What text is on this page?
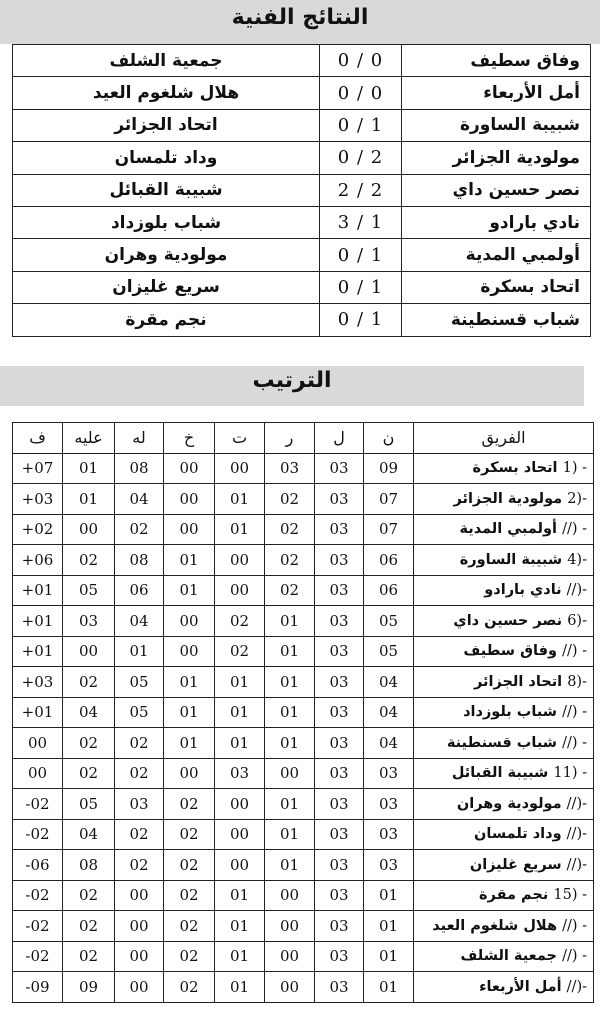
النتائج الفنية
جمعية الشلف	0 / 0	وفاق سطيف
هلال شلغوم العيد	0 / 0	أمل الأربعاء
اتحاد الجزائر	0 / 1	شبيبة الساورة
وداد تلمسان	0 / 2	مولودية الجزائر
شبيبة القبائل	2 / 2	نصر حسين داي
شباب بلوزداد	3 / 1	نادي بارادو
مولودية وهران	0 / 1	أولمبي المدية
سريع غليزان	0 / 1	اتحاد بسكرة
نجم مقرة	0 / 1	شباب قسنطينة
الترتيب
ف	عليه	له	خ	ت	ر	ل	ن	الفريق
+07	01	08	00	00	03	03	09	1) - اتحاد بسكرة
+03	01	04	00	01	02	03	07	2)- مولودية الجزائر
+02	00	02	00	01	02	03	07	//) - أولمبي المدية
+06	02	08	01	00	02	03	06	4)- شبيبة الساورة
+01	05	06	01	00	02	03	06	//)- نادي بارادو
+01	03	04	00	02	01	03	05	6)- نصر حسين داي
+01	00	01	00	02	01	03	05	//) - وفاق سطيف
+03	02	05	01	01	01	03	04	8)- اتحاد الجزائر
+01	04	05	01	01	01	03	04	//) - شباب بلوزداد
00	02	02	01	01	01	03	04	//) - شباب قسنطينة
00	02	02	00	03	00	03	03	11) - شبيبة القبائل
-02	05	03	02	00	01	03	03	//)- مولودية وهران
-02	04	02	02	00	01	03	03	//)- وداد تلمسان
-06	08	02	02	00	01	03	03	//)- سريع غليزان
-02	02	00	02	01	00	03	01	15) - نجم مقرة
-02	02	00	02	01	00	03	01	//) - هلال شلغوم العيد
-02	02	00	02	01	00	03	01	//) - جمعية الشلف
-09	09	00	02	01	00	03	01	//)- أمل الأربعاء
